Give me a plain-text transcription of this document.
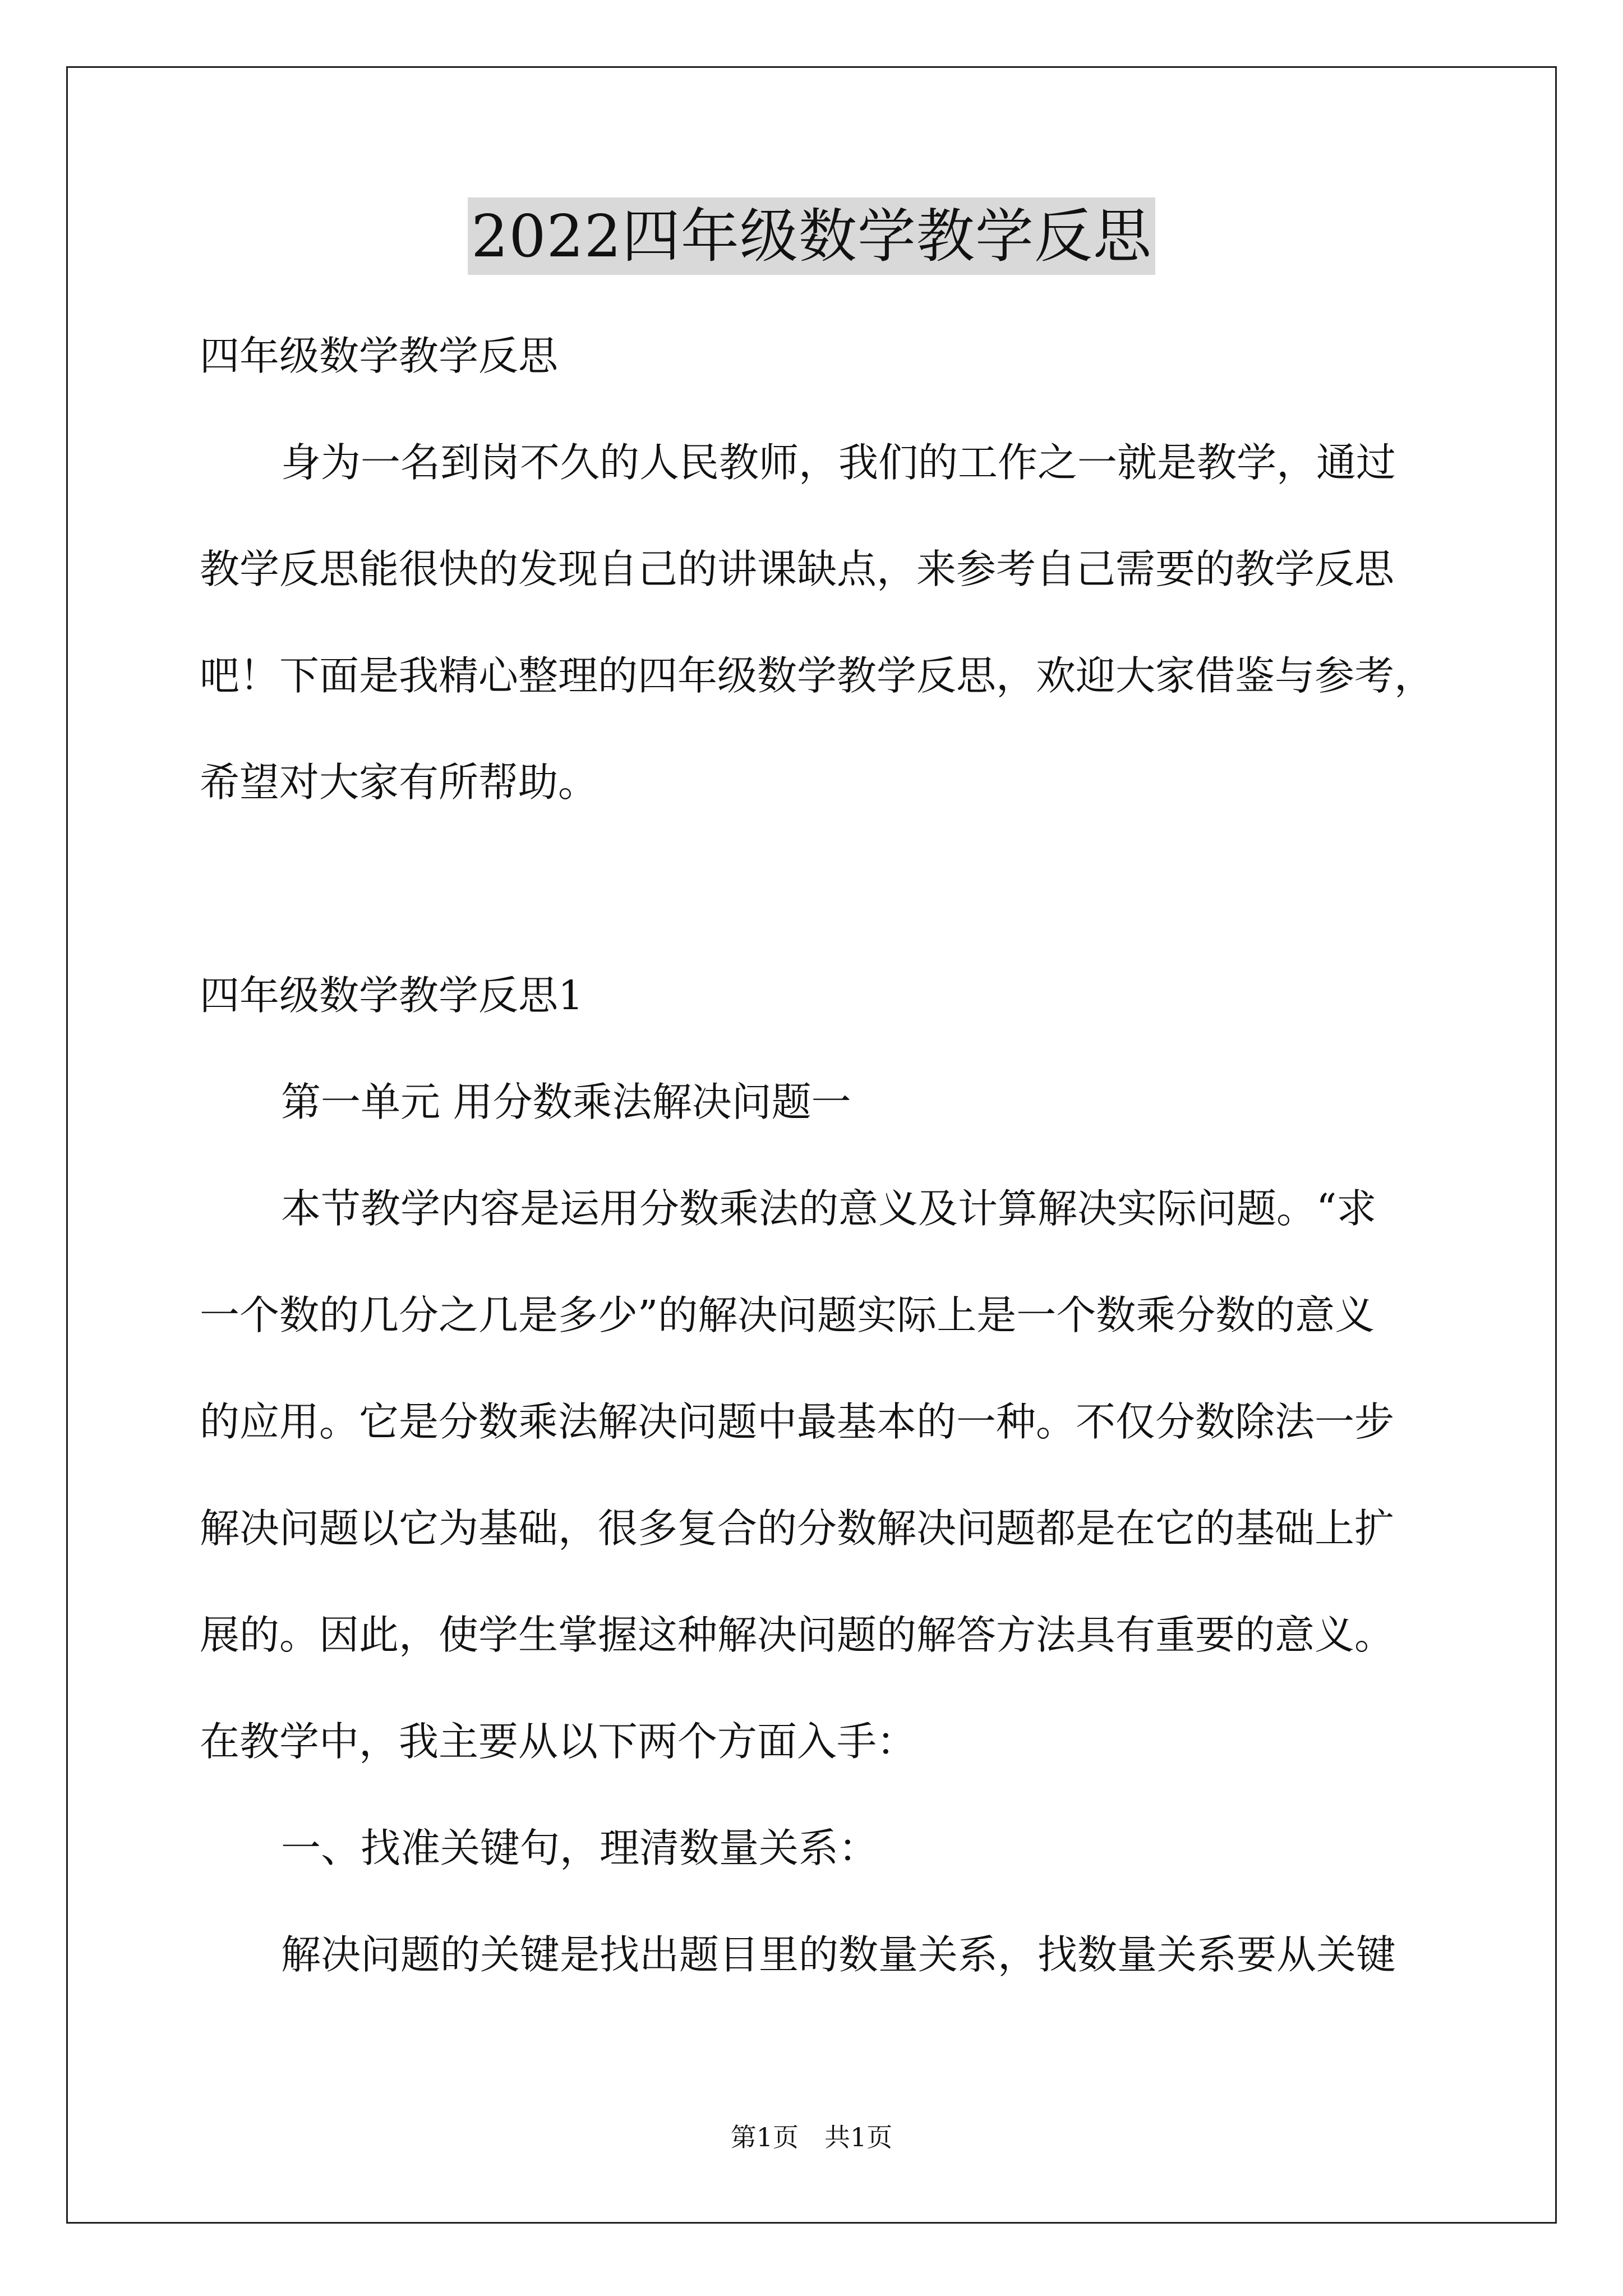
2022四年级数学教学反思
四年级数学教学反思
身为一名到岗不久的人民教师，我们的工作之一就是教学，通过
教学反思能很快的发现自己的讲课缺点，来参考自己需要的教学反思
吧！下面是我精心整理的四年级数学教学反思，欢迎大家借鉴与参考，
希望对大家有所帮助。
四年级数学教学反思1
第一单元 用分数乘法解决问题一
本节教学内容是运用分数乘法的意义及计算解决实际问题。“求
一个数的几分之几是多少”的解决问题实际上是一个数乘分数的意义
的应用。它是分数乘法解决问题中最基本的一种。不仅分数除法一步
解决问题以它为基础，很多复合的分数解决问题都是在它的基础上扩
展的。因此，使学生掌握这种解决问题的解答方法具有重要的意义。
在教学中，我主要从以下两个方面入手：
一、找准关键句，理清数量关系：
解决问题的关键是找出题目里的数量关系，找数量关系要从关键
第1页　共1页
